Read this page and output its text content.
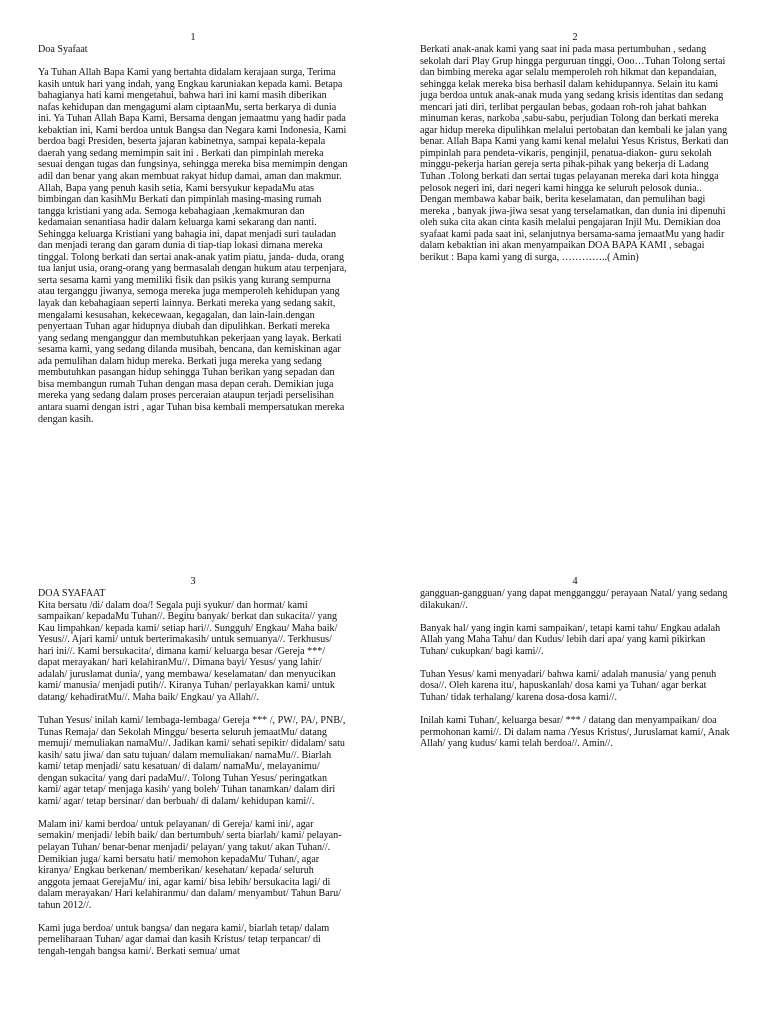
1

Doa Syafaat

Ya Tuhan Allah Bapa Kami yang bertahta didalam kerajaan surga, Terima kasih untuk hari yang indah, yang Engkau karuniakan kepada kami. Betapa bahagianya hati kami mengetahui, bahwa hari ini kami masih diberikan nafas kehidupan dan mengagumi alam ciptaanMu, serta berkarya di dunia ini. Ya Tuhan Allah Bapa Kami, Bersama dengan jemaatmu yang hadir pada kebaktian ini, Kami berdoa untuk Bangsa dan Negara kami Indonesia, Kami berdoa bagi Presiden, beserta jajaran kabinetnya, sampai kepala-kepala daerah yang sedang memimpin sait ini . Berkati dan pimpinlah mereka sesuai dengan tugas dan fungsinya, sehingga mereka bisa memimpin dengan adil dan benar yang akan membuat rakyat hidup damai, aman dan makmur. Allah, Bapa yang penuh kasih setia, Kami bersyukur kepadaMu atas bimbingan dan kasihMu Berkati dan pimpinlah masing-masing rumah tangga kristiani yang ada. Semoga kebahagiaan ,kemakmuran dan kedamaian senantiasa hadir dalam keluarga kami sekarang dan nanti. Sehingga keluarga Kristiani yang bahagia ini, dapat menjadi suri tauladan dan menjadi terang dan garam dunia di tiap-tiap lokasi dimana mereka tinggal. Tolong berkati dan sertai anak-anak yatim piatu, janda- duda, orang tua lanjut usia, orang-orang yang bermasalah dengan hukum atau terpenjara, serta sesama kami yang memiliki fisik dan psikis yang kurang sempurna atau terganggu jiwanya, semoga mereka juga memperoleh kehidupan yang layak dan kebahagiaan seperti lainnya. Berkati mereka yang sedang sakit, mengalami kesusahan, kekecewaan, kegagalan, dan lain-lain.dengan penyertaan Tuhan agar hidupnya diubah dan dipulihkan. Berkati mereka yang sedang menganggur dan membutuhkan pekerjaan yang layak. Berkati sesama kami, yang sedang dilanda musibah, bencana, dan kemiskinan agar ada pemulihan dalam hidup mereka. Berkati juga mereka yang sedang membutuhkan pasangan hidup sehingga Tuhan berikan yang sepadan dan bisa membangun rumah Tuhan dengan masa depan cerah. Demikian juga mereka yang sedang dalam proses perceraian ataupun terjadi perselisihan antara suami dengan istri , agar Tuhan bisa kembali mempersatukan mereka dengan kasih.

2

Berkati anak-anak kami yang saat ini pada masa pertumbuhan , sedang sekolah dari Play Grup hingga perguruan tinggi, Ooo…Tuhan Tolong sertai dan bimbing mereka agar selalu memperoleh roh hikmat dan kepandaian, sehingga kelak mereka bisa berhasil dalam kehidupannya. Selain itu kami juga berdoa untuk anak-anak muda yang sedang krisis identitas dan sedang mencari jati diri, terlibat pergaulan bebas, godaan roh-roh jahat bahkan minuman keras, narkoba ,sabu-sabu, perjudian Tolong dan berkati mereka agar hidup mereka dipulihkan melalui pertobatan dan kembali ke jalan yang benar. Allah Bapa Kami yang kami kenal melalui Yesus Kristus, Berkati dan pimpinlah para pendeta-vikaris, penginjil, penatua-diakon- guru sekolah minggu-pekerja harian gereja serta pihak-pihak yang bekerja di Ladang Tuhan .Tolong berkati dan sertai tugas pelayanan mereka dari kota hingga pelosok negeri ini, dari negeri kami hingga ke seluruh pelosok dunia.. Dengan membawa kabar baik, berita keselamatan, dan pemulihan bagi mereka , banyak jiwa-jiwa sesat yang terselamatkan, dan dunia ini dipenuhi oleh suka cita akan cinta kasih melalui pengajaran Injil Mu. Demikian doa syafaat kami pada saat ini, selanjutnya bersama-sama jemaatMu yang hadir dalam kebaktian ini akan menyampaikan DOA BAPA KAMI , sebagai berikut : Bapa kami yang di surga, …………..( Amin)

3

DOA SYAFAAT

Kita bersatu /di/ dalam doa/! Segala puji syukur/ dan hormat/ kami sampaikan/ kepadaMu Tuhan//. Begitu banyak/ berkat dan sukacita// yang Kau limpahkan/ kepada kami/ setiap hari//. Sungguh/ Engkau/ Maha baik/ Yesus//. Ajari kami/ untuk berterimakasih/ untuk semuanya//. Terkhusus/ hari ini//. Kami bersukacita/, dimana kami/ keluarga besar /Gereja ***/ dapat merayakan/ hari kelahiranMu//. Dimana bayi/ Yesus/ yang lahir/ adalah/ juruslamat dunia/, yang membawa/ keselamatan/ dan menyucikan kami/ manusia/ menjadi putih//. Kiranya Tuhan/ perlayakkan kami/ untuk datang/ kehadiratMu//. Maha baik/ Engkau/ ya Allah//.

Tuhan Yesus/ inilah kami/ lembaga-lembaga/ Gereja *** /, PW/, PA/, PNB/, Tunas Remaja/ dan Sekolah Minggu/ beserta seluruh jemaatMu/ datang memuji/ memuliakan namaMu//. Jadikan kami/ sehati sepikir/ didalam/ satu kasih/ satu jiwa/ dan satu tujuan/ dalam memuliakan/ namaMu//. Biarlah kami/ tetap menjadi/ satu kesatuan/ di dalam/ namaMu/, melayanimu/ dengan sukacita/ yang dari padaMu//. Tolong Tuhan Yesus/ peringatkan kami/ agar tetap/ menjaga kasih/ yang boleh/ Tuhan tanamkan/ dalam diri kami/ agar/ tetap bersinar/ dan berbuah/ di dalam/ kehidupan kami//.

Malam ini/ kami berdoa/ untuk pelayanan/ di Gereja/ kami ini/, agar semakin/ menjadi/ lebih baik/ dan bertumbuh/ serta biarlah/ kami/ pelayan-pelayan Tuhan/ benar-benar menjadi/ pelayan/ yang takut/ akan Tuhan//. Demikian juga/ kami bersatu hati/ memohon kepadaMu/ Tuhan/, agar kiranya/ Engkau berkenan/ memberikan/ kesehatan/ kepada/ seluruh anggota jemaat GerejaMu/ ini, agar kami/ bisa lebih/ bersukacita lagi/ di dalam merayakan/ Hari kelahiranmu/ dan dalam/ menyambut/ Tahun Baru/ tahun 2012//.

Kami juga berdoa/ untuk bangsa/ dan negara kami/, biarlah tetap/ dalam pemeliharaan Tuhan/ agar damai dan kasih Kristus/ tetap terpancar/ di tengah-tengah bangsa kami/. Berkati semua/ umat

4

gangguan-gangguan/ yang dapat mengganggu/ perayaan Natal/ yang sedang dilakukan//.

Banyak hal/ yang ingin kami sampaikan/, tetapi kami tahu/ Engkau adalah Allah yang Maha Tahu/ dan Kudus/ lebih dari apa/ yang kami pikirkan Tuhan/ cukupkan/ bagi kami//.

Tuhan Yesus/ kami menyadari/ bahwa kami/ adalah manusia/ yang penuh dosa//. Oleh karena itu/, hapuskanlah/ dosa kami ya Tuhan/ agar berkat Tuhan/ tidak terhalang/ karena dosa-dosa kami//.

Inilah kami Tuhan/, keluarga besar/ *** / datang dan menyampaikan/ doa permohonan kami//. Di dalam nama /Yesus Kristus/, Juruslamat kami/, Anak Allah/ yang kudus/ kami telah berdoa//. Amin//.
